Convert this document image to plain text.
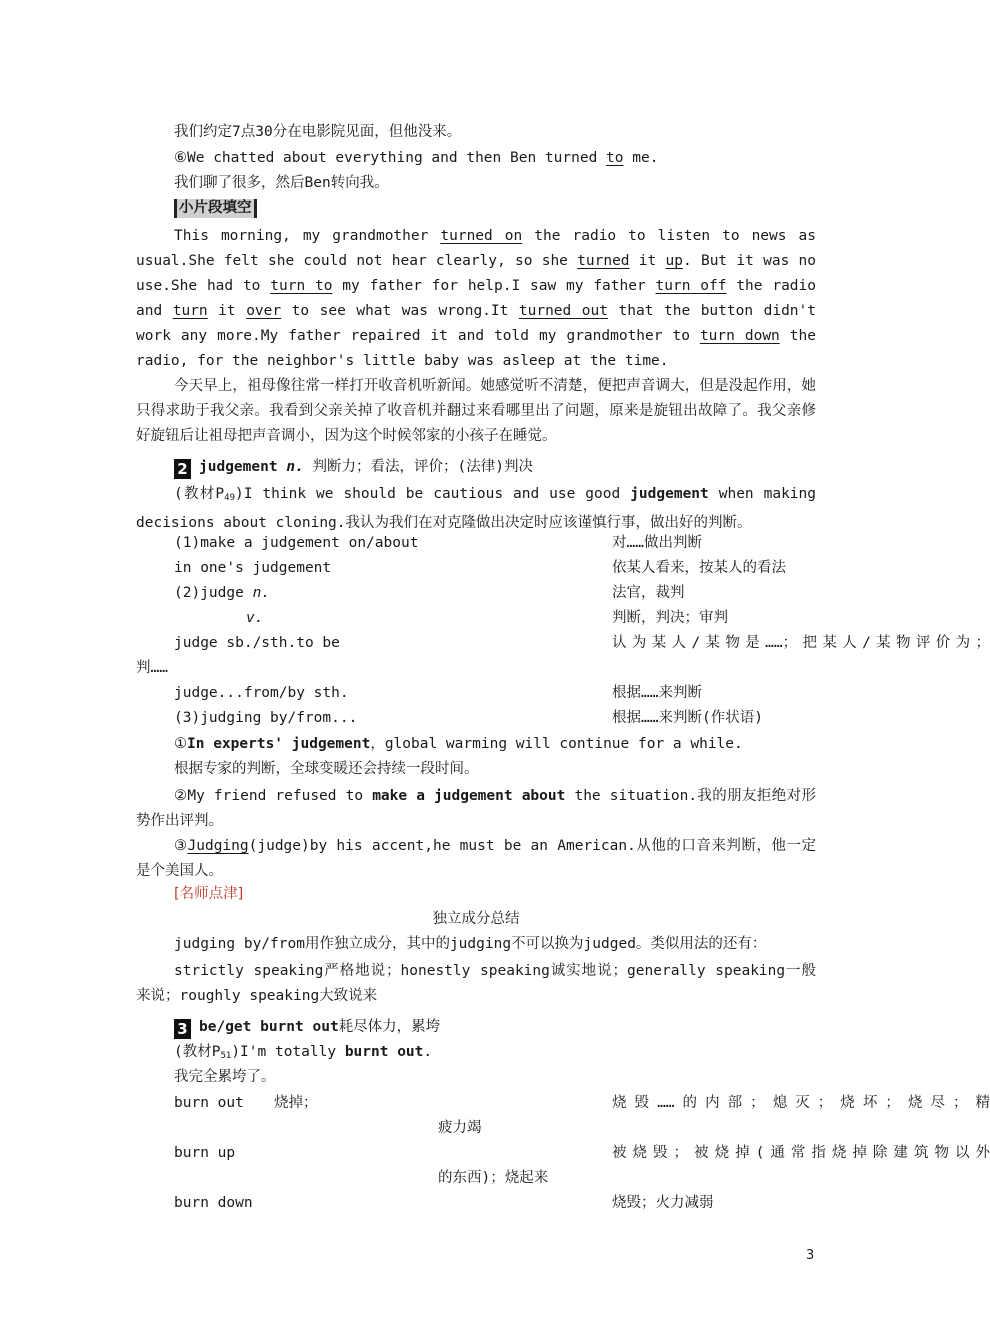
我们约定7点30分在电影院见面，但他没来。
⑥We chatted about everything and then Ben turned to me.
我们聊了很多，然后Ben转向我。
小片段填空
This morning, my grandmother turned on the radio to listen to news as usual.She felt she could not hear clearly, so she turned it up. But it was no use.She had to turn to my father for help.I saw my father turn off the radio and turn it over to see what was wrong.It turned out that the button didn't work any more.My father repaired it and told my grandmother to turn down the radio, for the neighbor's little baby was asleep at the time.
今天早上，祖母像往常一样打开收音机听新闻。她感觉听不清楚，便把声音调大，但是没起作用，她只得求助于我父亲。我看到父亲关掉了收音机并翻过来看哪里出了问题，原来是旋钮出故障了。我父亲修好旋钮后让祖母把声音调小，因为这个时候邻家的小孩子在睡觉。
2 judgement n. 判断力；看法，评价；(法律)判决
(教材$P_{49})I$ think we should be cautious and use good judgement when making decisions about cloning.我认为我们在对克隆做出决定时应该谨慎行事，做出好的判断。
(1)make a judgement on/about	对……做出判断
in one's judgement	依某人看来，按某人的看法
(2)judge n.	法官，裁判
v.	判断，判决；审判
judge sb./sth.to be	认为某人/某物是……；把某人/某物评价为；
判……
judge...from/by sth.	根据……来判断
(3)judging by/from...	根据……来判断(作状语)
①In experts' judgement，global warming will continue for a while.
根据专家的判断，全球变暖还会持续一段时间。
②My friend refused to make a judgement about the situation.我的朋友拒绝对形势作出评判。
③Judging(judge)by his accent,he must be an American.从他的口音来判断，他一定是个美国人。
[名师点津]
独立成分总结
judging by/from用作独立成分，其中的judging不可以换为judged。类似用法的还有：
strictly speaking严格地说；honestly speaking诚实地说；generally speaking一般来说；roughly speaking大致说来
3 be/get burnt out耗尽体力，累垮
(教材$P_{51})I'm$ totally burnt out.
我完全累垮了。
burn out 烧掉；	烧毁……的内部；熄灭；烧坏；烧尽；精
疲力竭
burn up	被烧毁；被烧掉(通常指烧掉除建筑物以外
的东西)；烧起来
burn down	烧毁；火力减弱
3
